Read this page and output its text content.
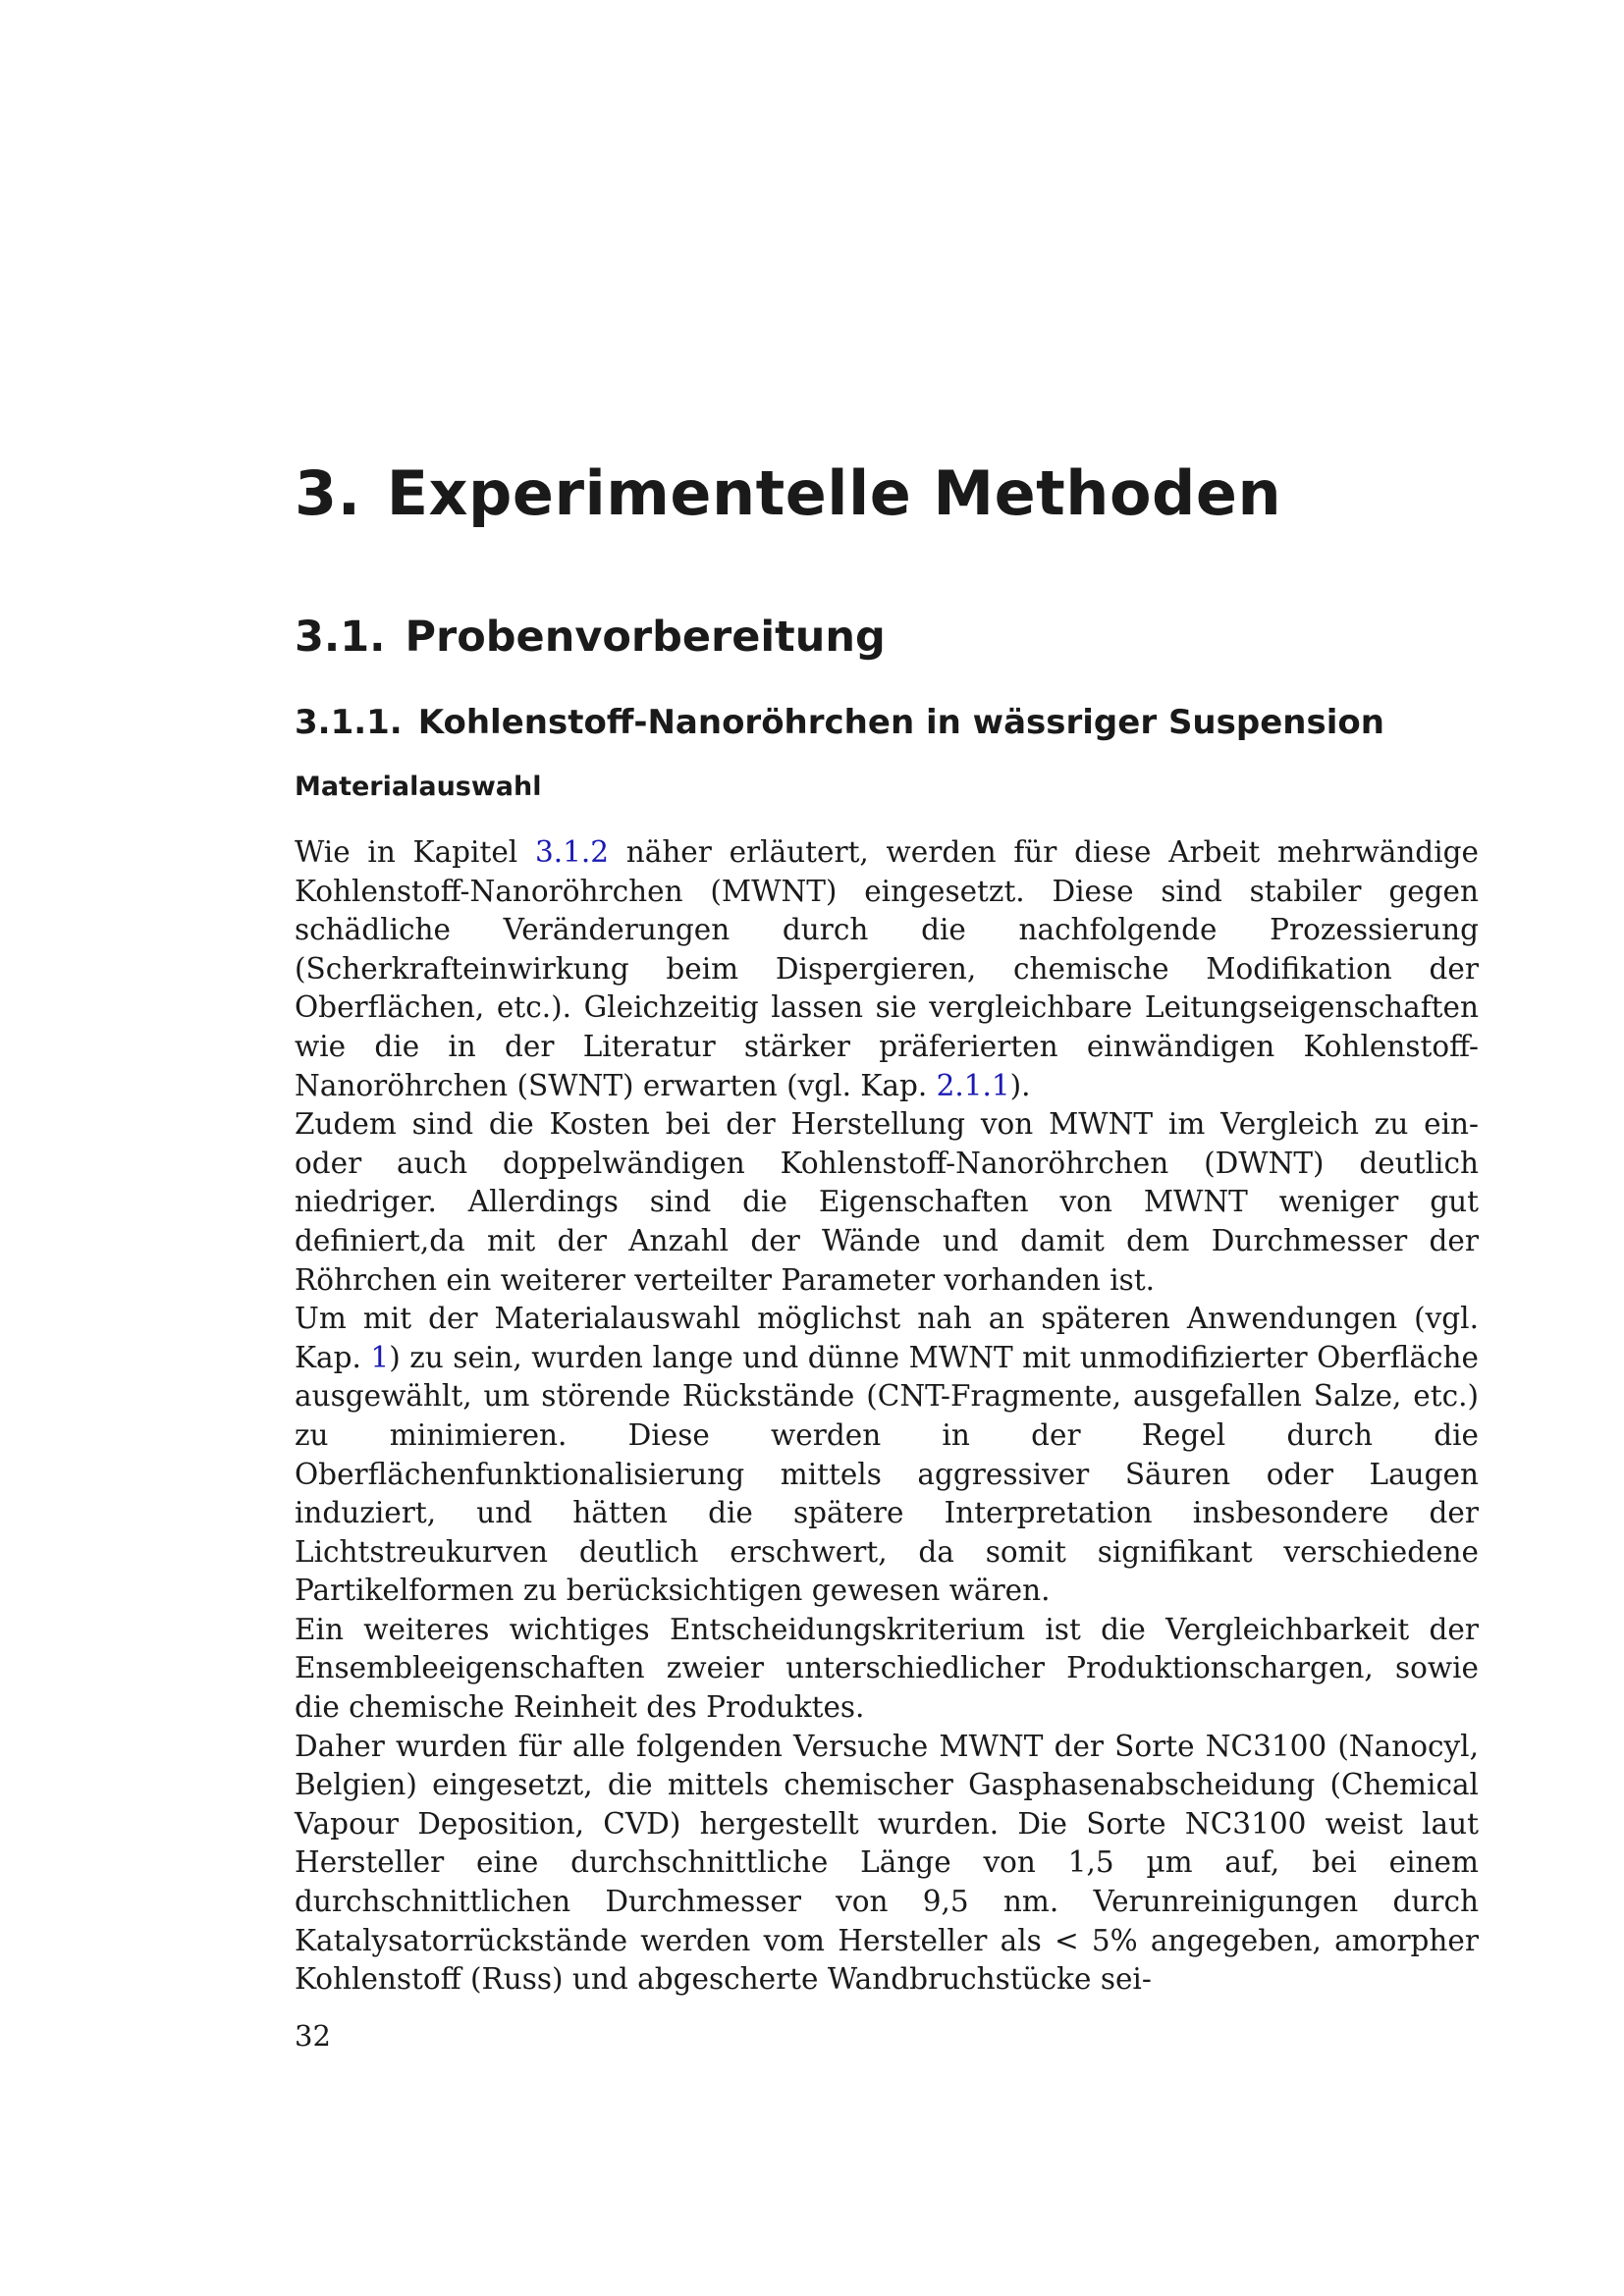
3. Experimentelle Methoden
3.1. Probenvorbereitung
3.1.1. Kohlenstoff-Nanoröhrchen in wässriger Suspension
Materialauswahl

Wie in Kapitel 3.1.2 näher erläutert, werden für diese Arbeit mehrwändige Kohlenstoff-Nanoröhrchen (MWNT) eingesetzt. Diese sind stabiler gegen schädliche Veränderungen durch die nachfolgende Prozessierung (Scherkrafteinwirkung beim Dispergieren, chemische Modifikation der Oberflächen, etc.). Gleichzeitig lassen sie vergleichbare Leitungseigenschaften wie die in der Literatur stärker präferierten einwändigen Kohlenstoff-Nanoröhrchen (SWNT) erwarten (vgl. Kap. 2.1.1).

Zudem sind die Kosten bei der Herstellung von MWNT im Vergleich zu ein- oder auch doppelwändigen Kohlenstoff-Nanoröhrchen (DWNT) deutlich niedriger. Allerdings sind die Eigenschaften von MWNT weniger gut definiert,da mit der Anzahl der Wände und damit dem Durchmesser der Röhrchen ein weiterer verteilter Parameter vorhanden ist.

Um mit der Materialauswahl möglichst nah an späteren Anwendungen (vgl. Kap. 1) zu sein, wurden lange und dünne MWNT mit unmodifizierter Oberfläche ausgewählt, um störende Rückstände (CNT-Fragmente, ausgefallen Salze, etc.) zu minimieren. Diese werden in der Regel durch die Oberflächenfunktionalisierung mittels aggressiver Säuren oder Laugen induziert, und hätten die spätere Interpretation insbesondere der Lichtstreukurven deutlich erschwert, da somit signifikant verschiedene Partikelformen zu berücksichtigen gewesen wären.

Ein weiteres wichtiges Entscheidungskriterium ist die Vergleichbarkeit der Ensembleeigenschaften zweier unterschiedlicher Produktionschargen, sowie die chemische Reinheit des Produktes.

Daher wurden für alle folgenden Versuche MWNT der Sorte NC3100 (Nanocyl, Belgien) eingesetzt, die mittels chemischer Gasphasenabscheidung (Chemical Vapour Deposition, CVD) hergestellt wurden. Die Sorte NC3100 weist laut Hersteller eine durchschnittliche Länge von 1,5 µm auf, bei einem durchschnittlichen Durchmesser von 9,5 nm. Verunreinigungen durch Katalysatorrückstände werden vom Hersteller als < 5% angegeben, amorpher Kohlenstoff (Russ) und abgescherte Wandbruchstücke sei-

32
